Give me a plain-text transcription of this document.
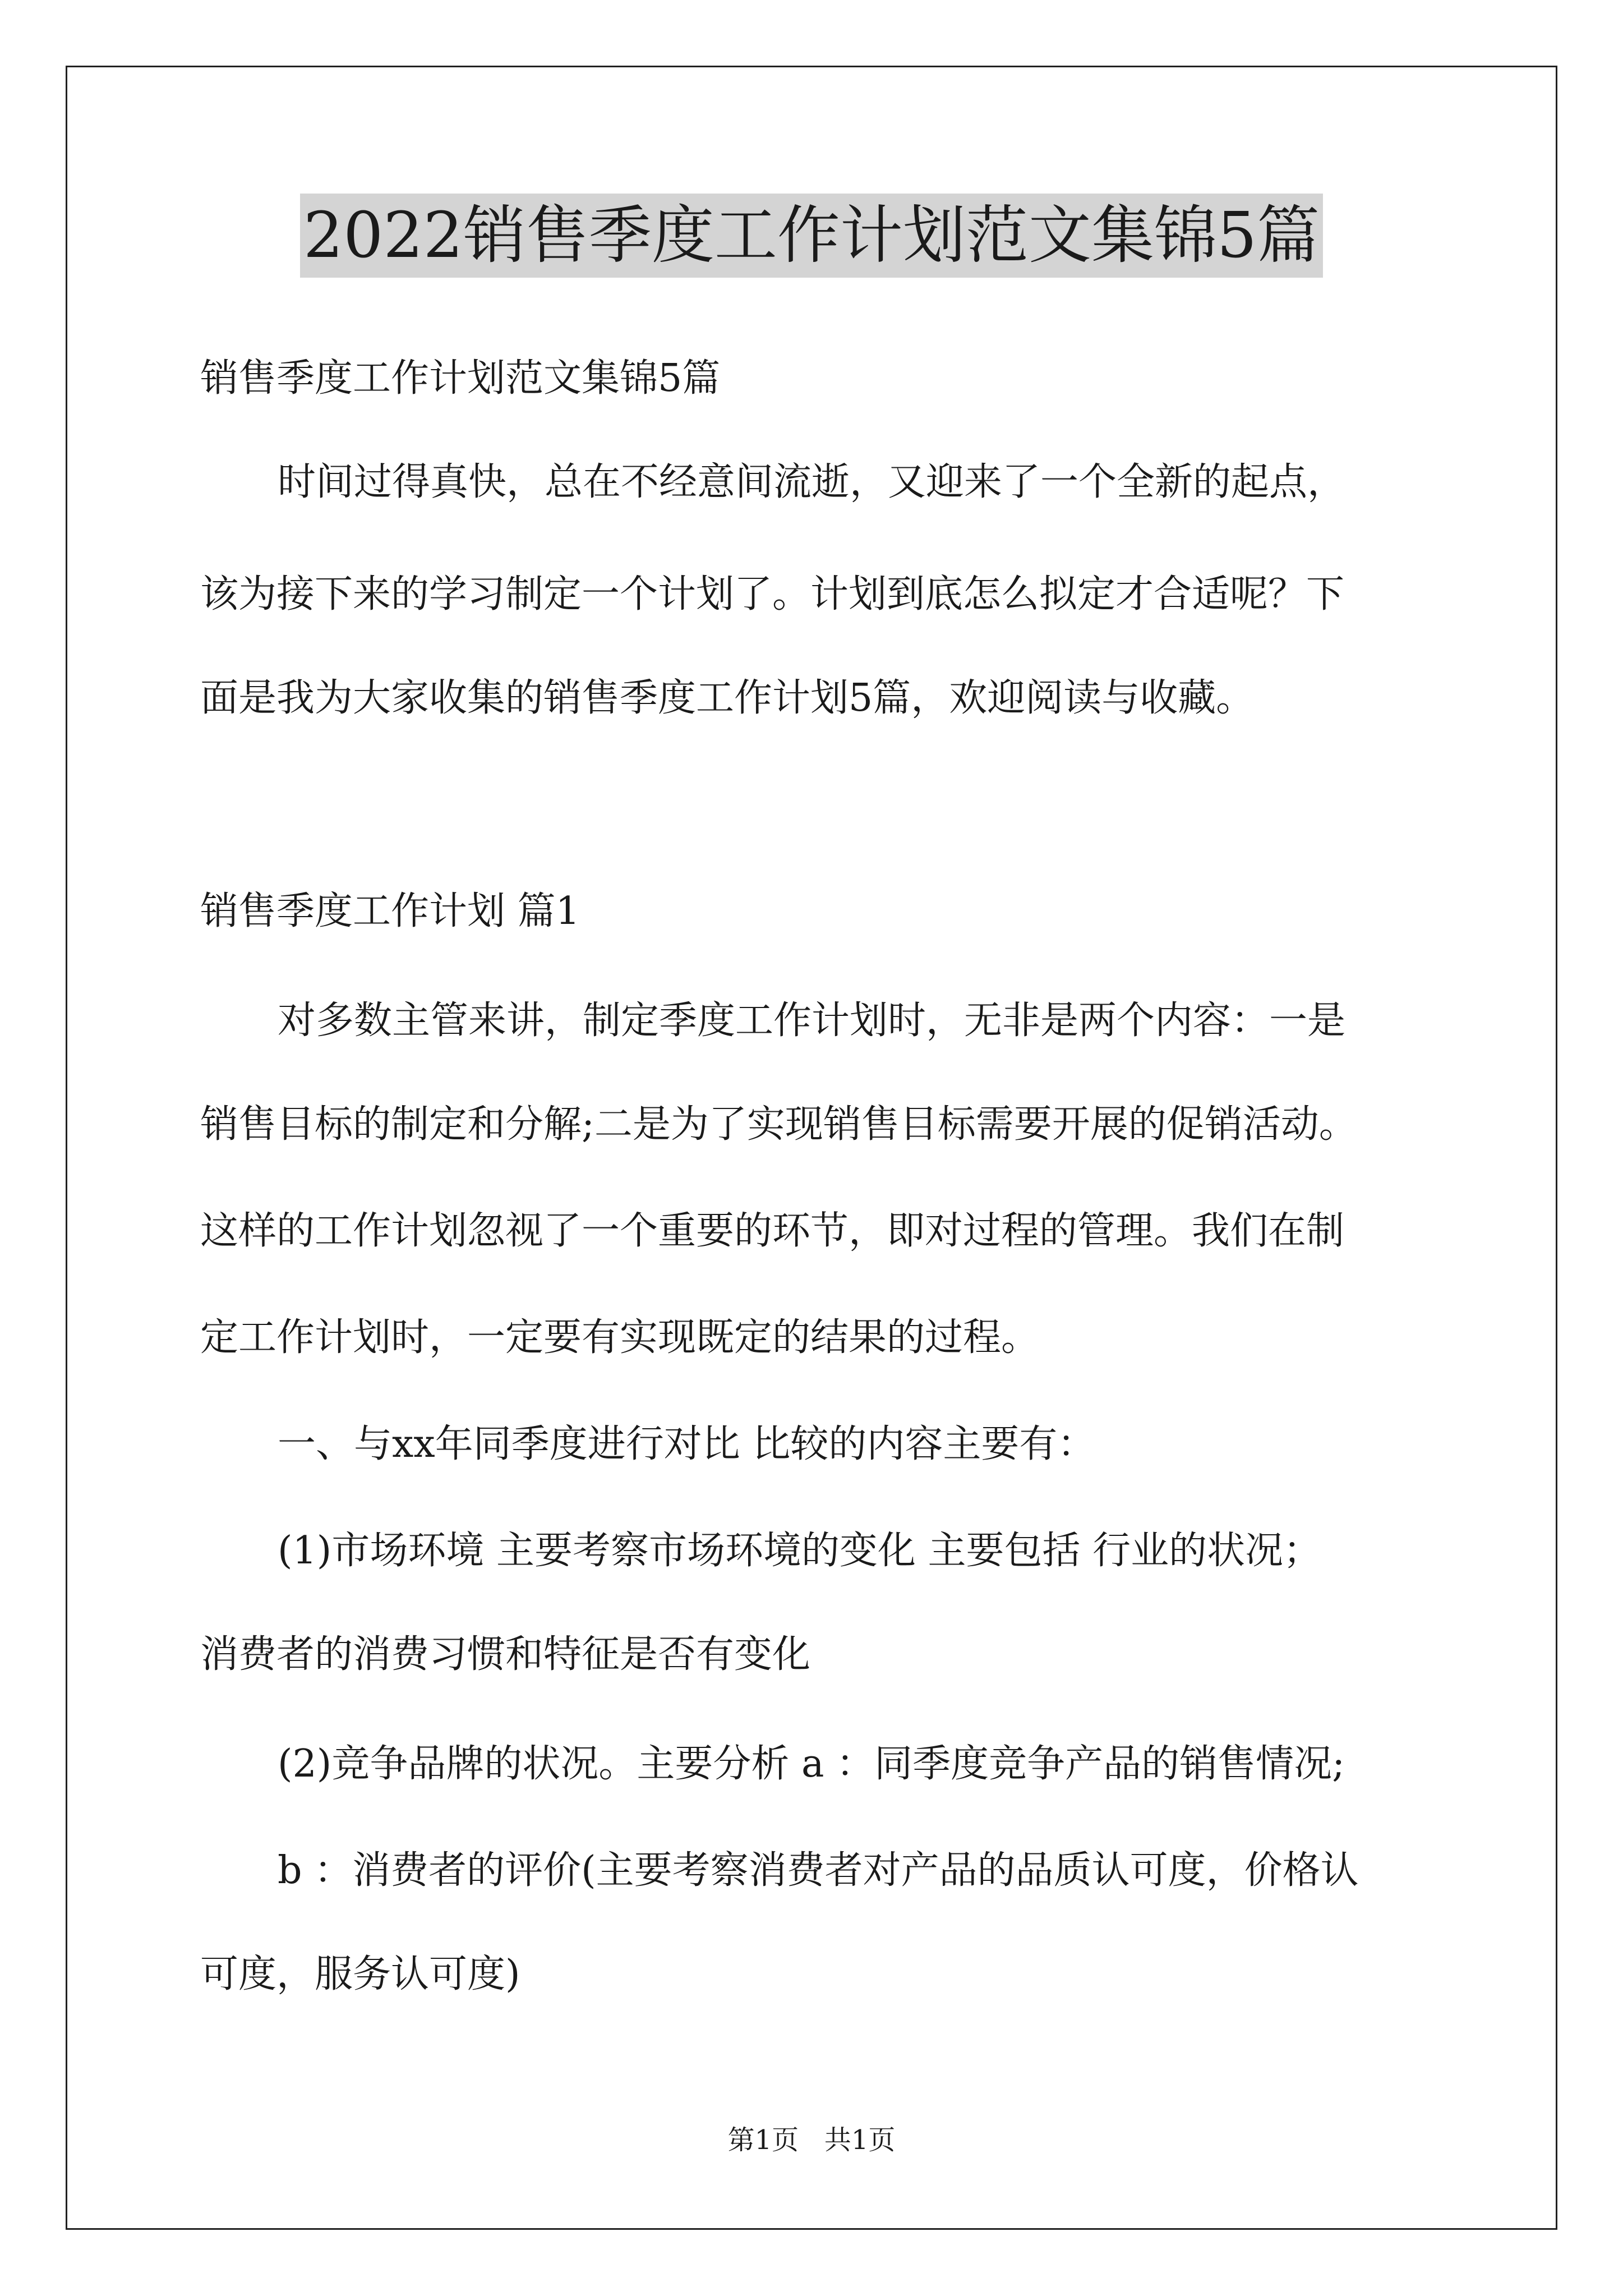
2022销售季度工作计划范文集锦5篇
销售季度工作计划范文集锦5篇
时间过得真快，总在不经意间流逝，又迎来了一个全新的起点，
该为接下来的学习制定一个计划了。计划到底怎么拟定才合适呢？下
面是我为大家收集的销售季度工作计划5篇，欢迎阅读与收藏。
销售季度工作计划 篇1
对多数主管来讲，制定季度工作计划时，无非是两个内容：一是
销售目标的制定和分解;二是为了实现销售目标需要开展的促销活动。
这样的工作计划忽视了一个重要的环节，即对过程的管理。我们在制
定工作计划时，一定要有实现既定的结果的过程。
一、与xx年同季度进行对比 比较的内容主要有：
(1)市场环境 主要考察市场环境的变化 主要包括 行业的状况；
消费者的消费习惯和特征是否有变化
(2)竞争品牌的状况。主要分析 a ：同季度竞争产品的销售情况;
b ：消费者的评价(主要考察消费者对产品的品质认可度，价格认
可度，服务认可度)
第1页   共1页
